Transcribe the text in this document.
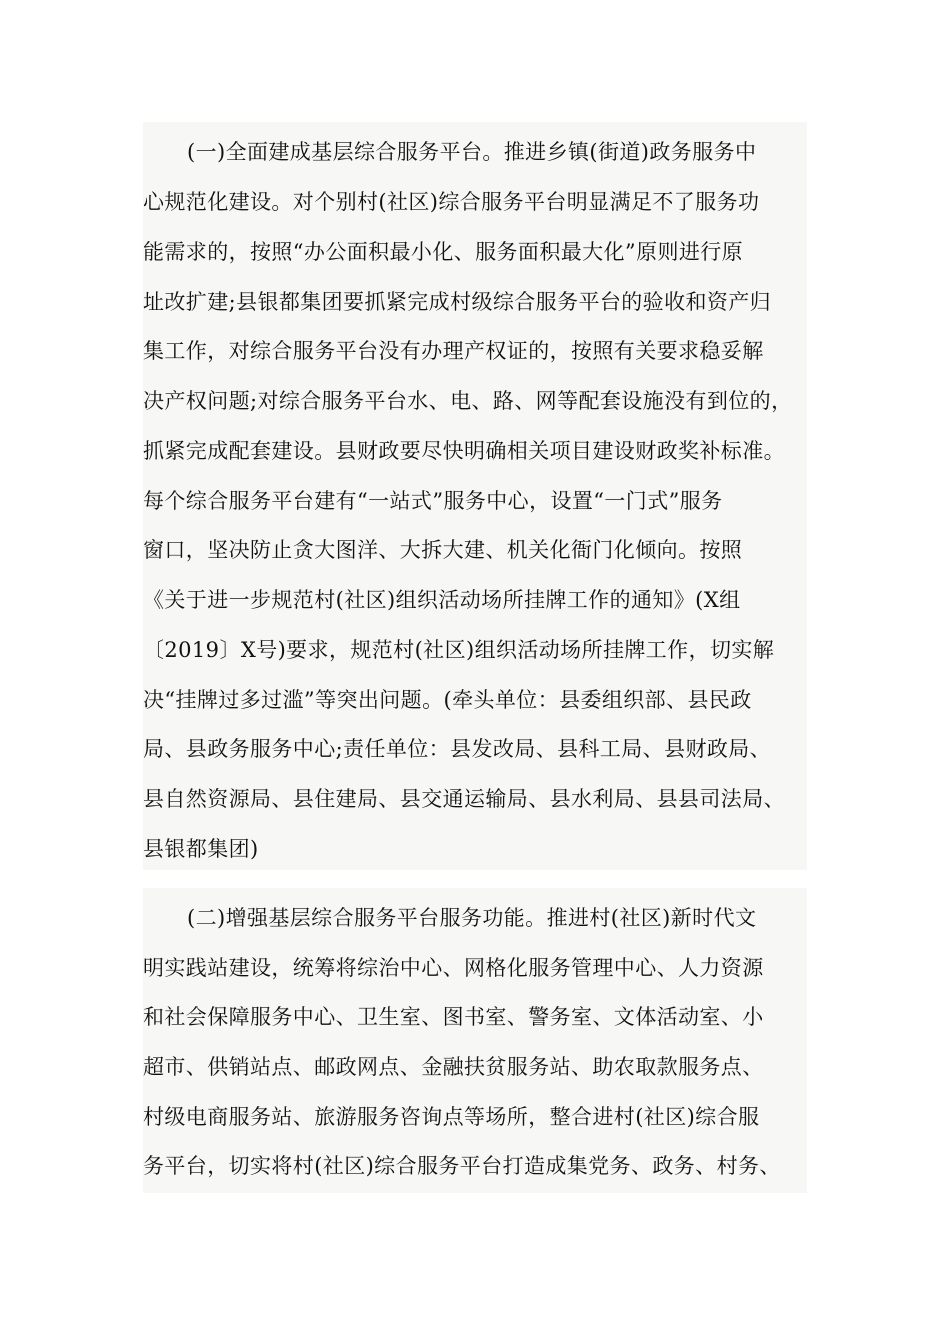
(一)全面建成基层综合服务平台。推进乡镇(街道)政务服务中
心规范化建设。对个别村(社区)综合服务平台明显满足不了服务功
能需求的，按照“办公面积最小化、服务面积最大化”原则进行原
址改扩建;县银都集团要抓紧完成村级综合服务平台的验收和资产归
集工作，对综合服务平台没有办理产权证的，按照有关要求稳妥解
决产权问题;对综合服务平台水、电、路、网等配套设施没有到位的，
抓紧完成配套建设。县财政要尽快明确相关项目建设财政奖补标准。
每个综合服务平台建有“一站式”服务中心，设置“一门式”服务
窗口，坚决防止贪大图洋、大拆大建、机关化衙门化倾向。按照
《关于进一步规范村(社区)组织活动场所挂牌工作的通知》(X组
〔2019〕X号)要求，规范村(社区)组织活动场所挂牌工作，切实解
决“挂牌过多过滥”等突出问题。(牵头单位：县委组织部、县民政
局、县政务服务中心;责任单位：县发改局、县科工局、县财政局、
县自然资源局、县住建局、县交通运输局、县水利局、县县司法局、
县银都集团)
(二)增强基层综合服务平台服务功能。推进村(社区)新时代文
明实践站建设，统筹将综治中心、网格化服务管理中心、人力资源
和社会保障服务中心、卫生室、图书室、警务室、文体活动室、小
超市、供销站点、邮政网点、金融扶贫服务站、助农取款服务点、
村级电商服务站、旅游服务咨询点等场所，整合进村(社区)综合服
务平台，切实将村(社区)综合服务平台打造成集党务、政务、村务、
